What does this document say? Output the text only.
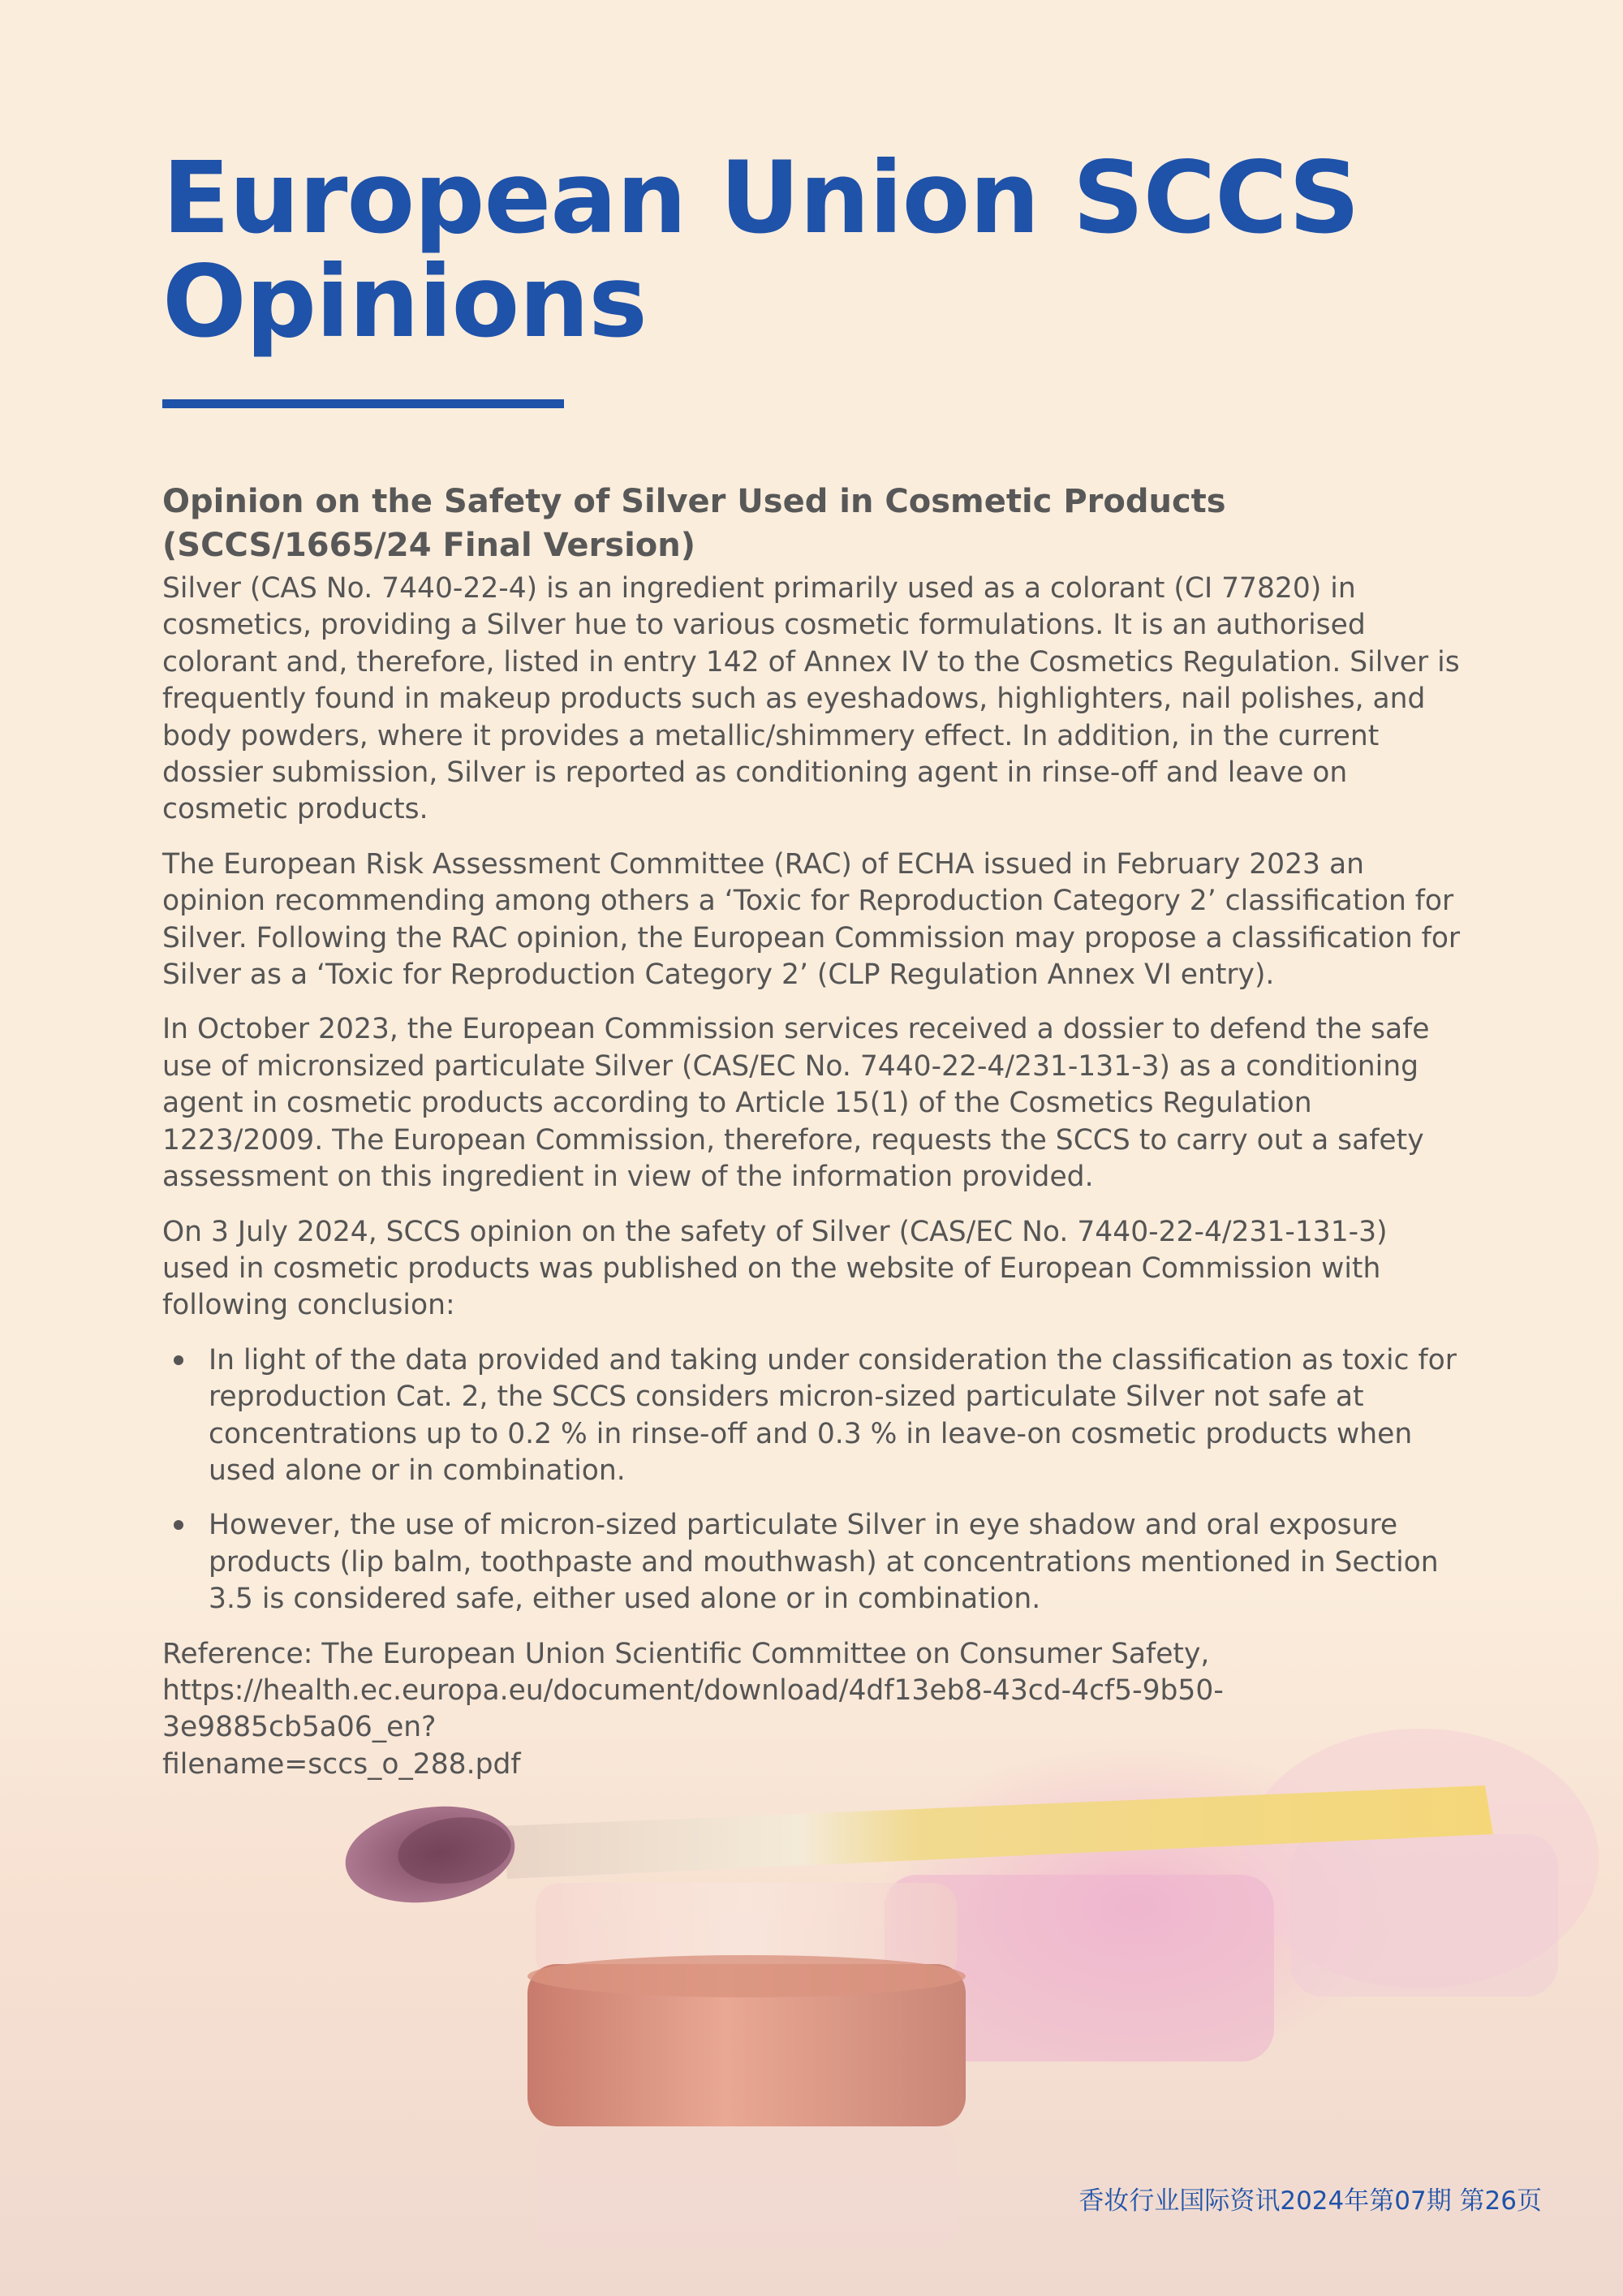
European Union SCCS
Opinions
Opinion on the Safety of Silver Used in Cosmetic Products
(SCCS/1665/24 Final Version)

Silver (CAS No. 7440-22-4) is an ingredient primarily used as a colorant (CI 77820) in cosmetics, providing a Silver hue to various cosmetic formulations. It is an authorised colorant and, therefore, listed in entry 142 of Annex IV to the Cosmetics Regulation. Silver is frequently found in makeup products such as eyeshadows, highlighters, nail polishes, and body powders, where it provides a metallic/shimmery effect. In addition, in the current dossier submission, Silver is reported as conditioning agent in rinse-off and leave on cosmetic products.

The European Risk Assessment Committee (RAC) of ECHA issued in February 2023 an opinion recommending among others a ‘Toxic for Reproduction Category 2’ classification for Silver. Following the RAC opinion, the European Commission may propose a classification for Silver as a ‘Toxic for Reproduction Category 2’ (CLP Regulation Annex VI entry).

In October 2023, the European Commission services received a dossier to defend the safe use of micronsized particulate Silver (CAS/EC No. 7440-22-4/231-131-3) as a conditioning agent in cosmetic products according to Article 15(1) of the Cosmetics Regulation 1223/2009. The European Commission, therefore, requests the SCCS to carry out a safety assessment on this ingredient in view of the information provided.

On 3 July 2024, SCCS opinion on the safety of Silver (CAS/EC No. 7440-22-4/231-131-3) used in cosmetic products was published on the website of European Commission with following conclusion:

In light of the data provided and taking under consideration the classification as toxic for reproduction Cat. 2, the SCCS considers micron-sized particulate Silver not safe at concentrations up to 0.2 % in rinse-off and 0.3 % in leave-on cosmetic products when used alone or in combination.
However, the use of micron-sized particulate Silver in eye shadow and oral exposure products (lip balm, toothpaste and mouthwash) at concentrations mentioned in Section 3.5 is considered safe, either used alone or in combination.
Reference: The European Union Scientific Committee on Consumer Safety,
https://health.ec.europa.eu/document/download/4df13eb8-43cd-4cf5-9b50-3e9885cb5a06_en?
filename=sccs_o_288.pdf
香妆行业国际资讯2024年第07期 第26页
